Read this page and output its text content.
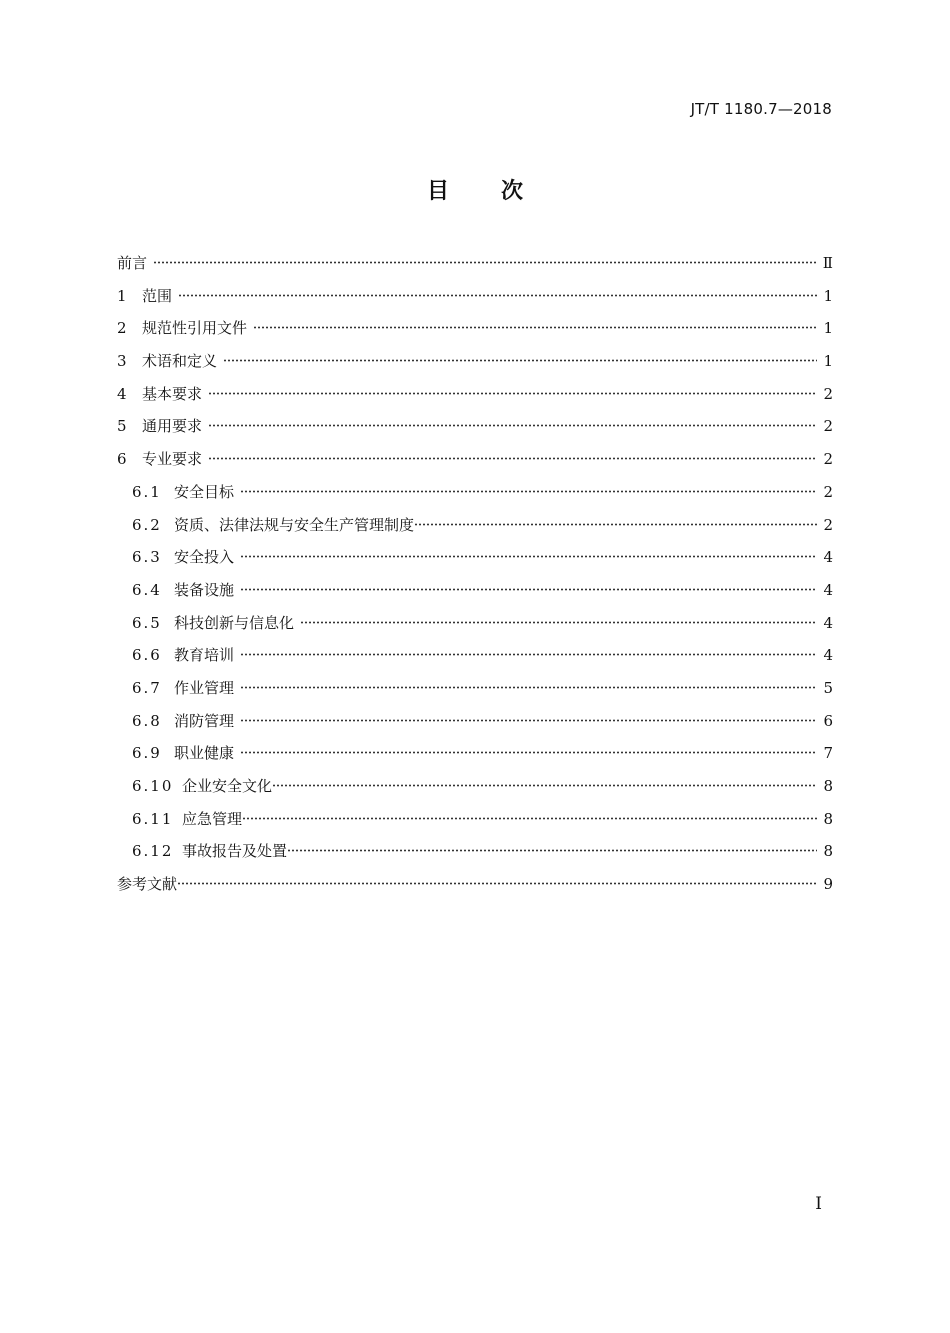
JT/T 1180.7—2018
目 次
前言	Ⅱ
1	范围	1
2	规范性引用文件	1
3	术语和定义	1
4	基本要求	2
5	通用要求	2
6	专业要求	2
6.1 安全目标	2
6.2 资质、法律法规与安全生产管理制度	2
6.3 安全投入	4
6.4 装备设施	4
6.5 科技创新与信息化	4
6.6 教育培训	4
6.7 作业管理	5
6.8 消防管理	6
6.9 职业健康	7
6.10 企业安全文化	8
6.11 应急管理	8
6.12 事故报告及处置	8
参考文献	9
I
